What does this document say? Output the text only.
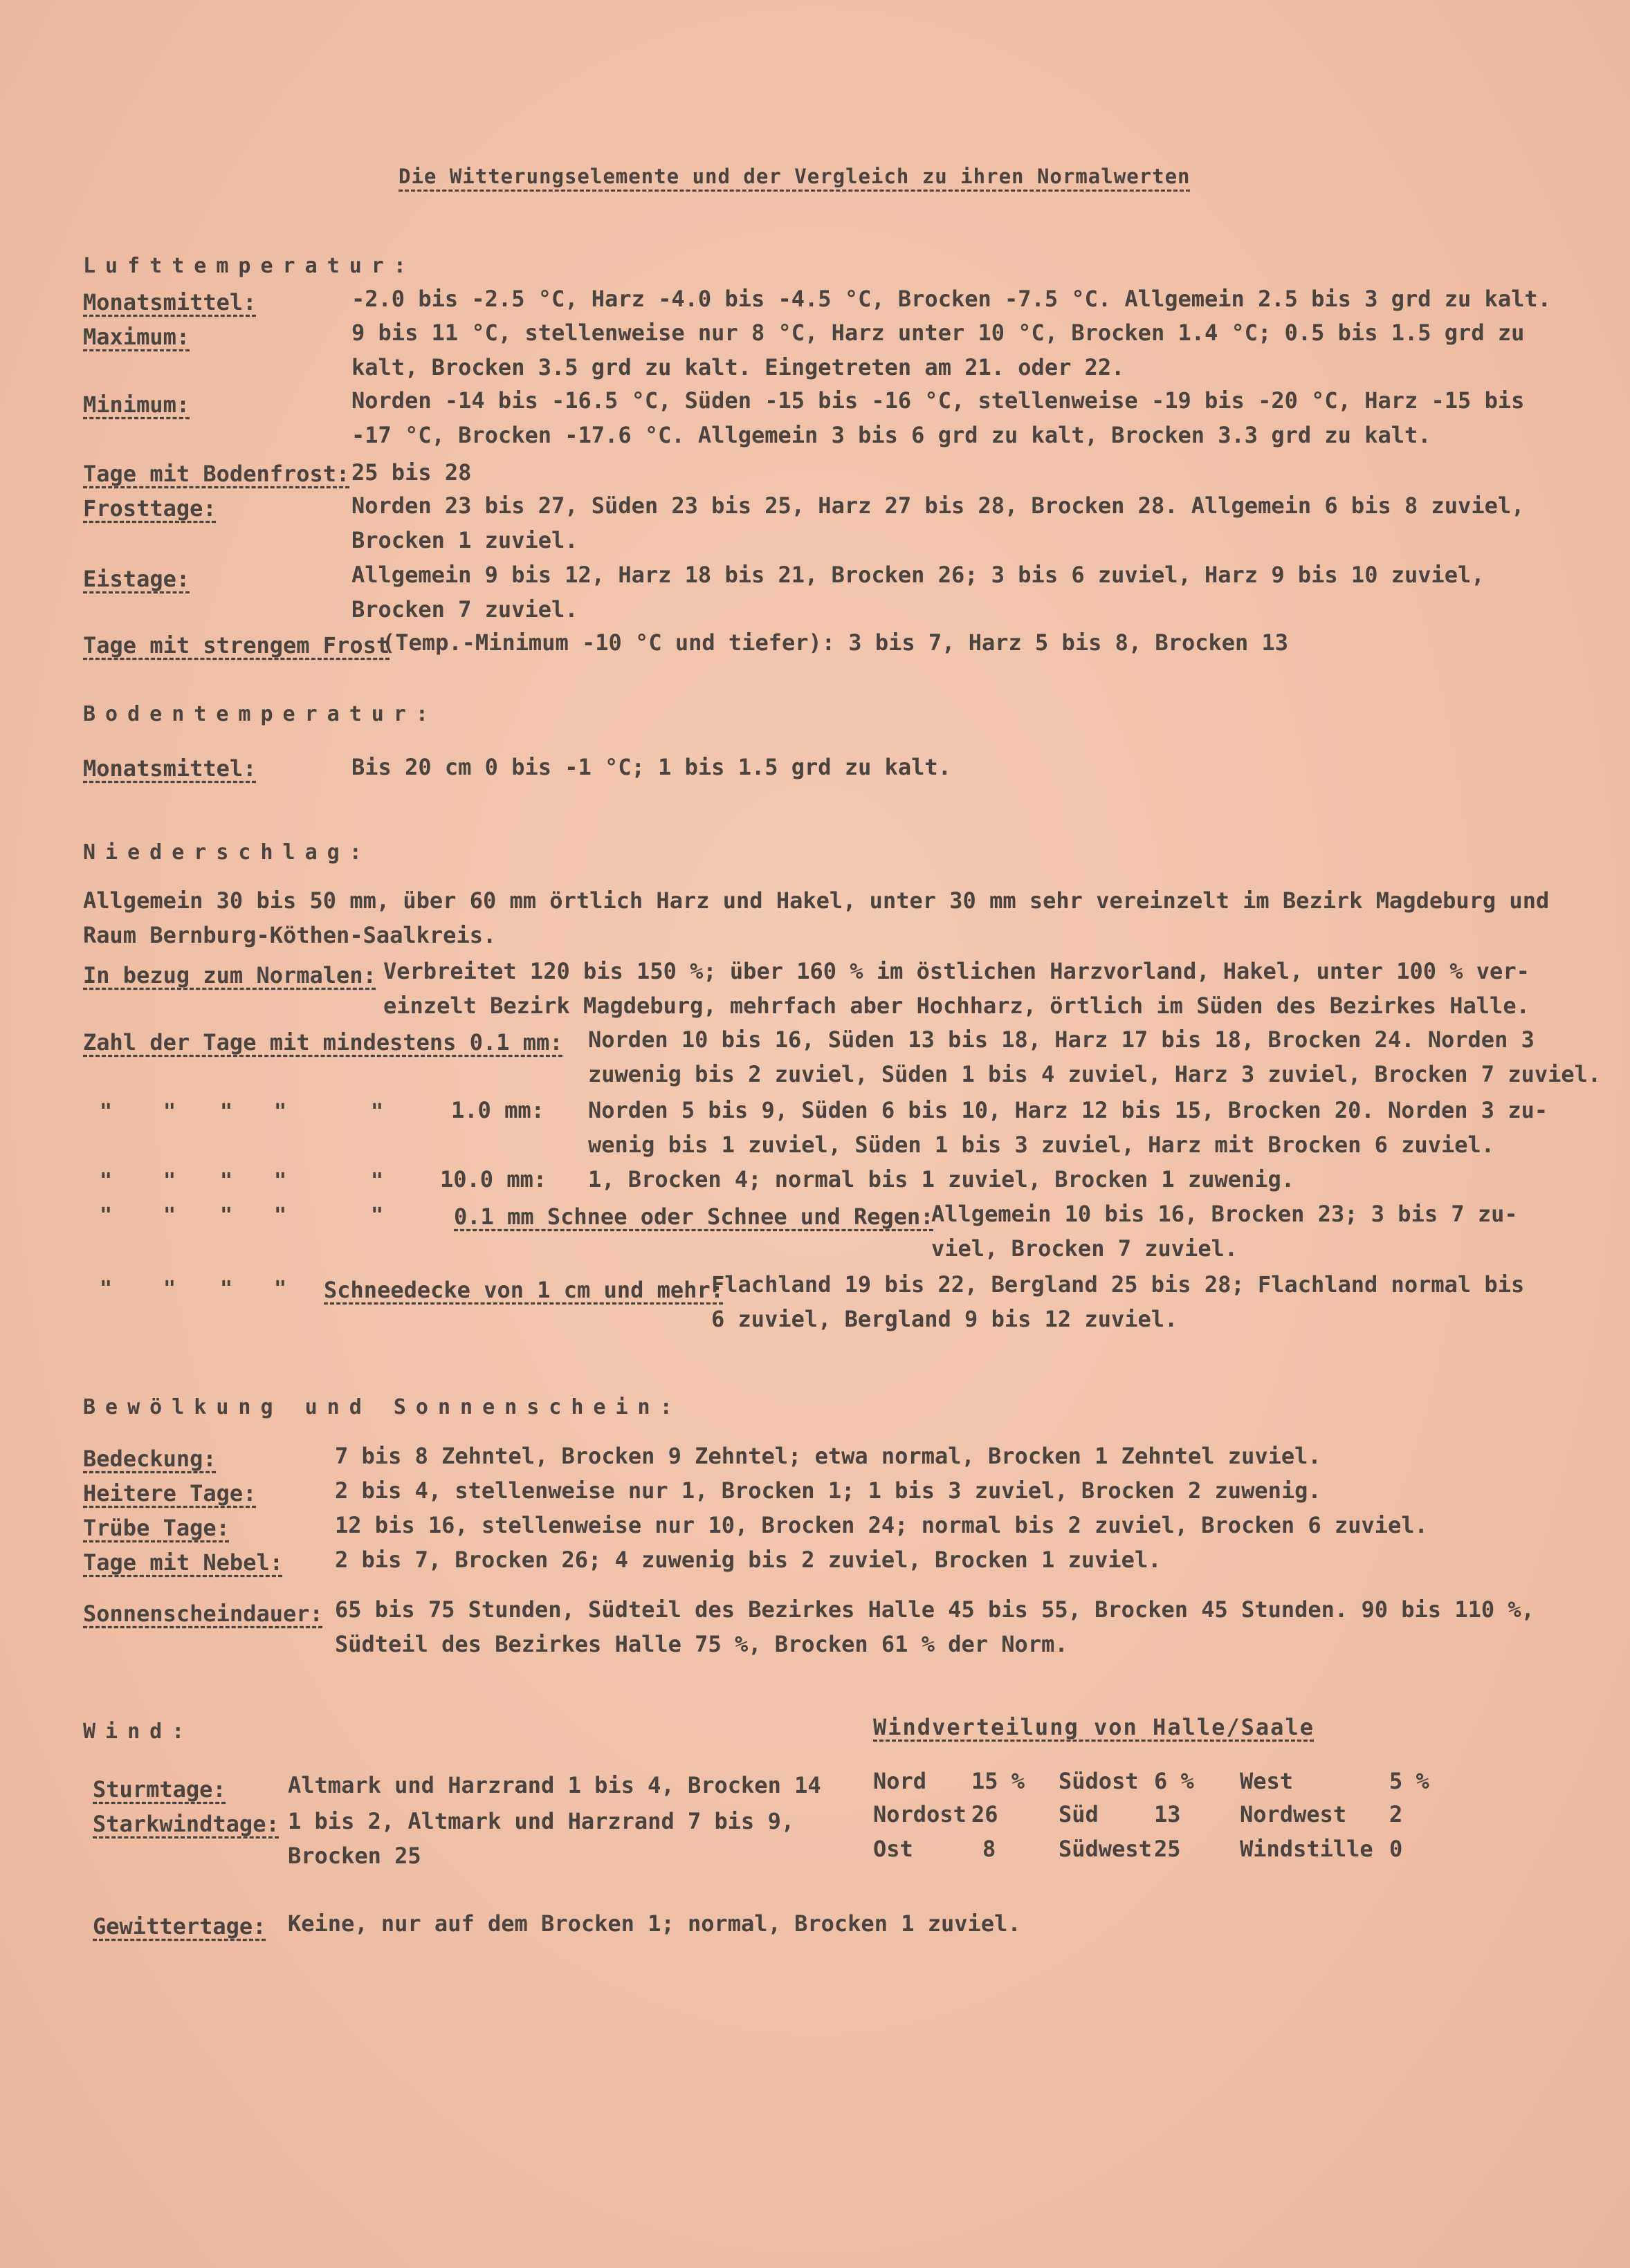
Die Witterungselemente und der Vergleich zu ihren Normalwerten
Lufttemperatur:
Monatsmittel:	-2.0 bis -2.5 °C, Harz -4.0 bis -4.5 °C, Brocken -7.5 °C. Allgemein 2.5 bis 3 grd zu kalt.
Maximum:	9 bis 11 °C, stellenweise nur 8 °C, Harz unter 10 °C, Brocken 1.4 °C; 0.5 bis 1.5 grd zu
kalt, Brocken 3.5 grd zu kalt. Eingetreten am 21. oder 22.
Minimum:	Norden -14 bis -16.5 °C, Süden -15 bis -16 °C, stellenweise -19 bis -20 °C, Harz -15 bis
-17 °C, Brocken -17.6 °C. Allgemein 3 bis 6 grd zu kalt, Brocken 3.3 grd zu kalt.
Tage mit Bodenfrost: 25 bis 28
Frosttage:	Norden 23 bis 27, Süden 23 bis 25, Harz 27 bis 28, Brocken 28. Allgemein 6 bis 8 zuviel,
Brocken 1 zuviel.
Eistage:	Allgemein 9 bis 12, Harz 18 bis 21, Brocken 26; 3 bis 6 zuviel, Harz 9 bis 10 zuviel,
Brocken 7 zuviel.
Tage mit strengem Frost
(Temp.-Minimum -10 °C und tiefer): 3 bis 7, Harz 5 bis 8, Brocken 13
Bodentemperatur:
Monatsmittel:	Bis 20 cm 0 bis -1 °C; 1 bis 1.5 grd zu kalt.
Niederschlag:
Allgemein 30 bis 50 mm, über 60 mm örtlich Harz und Hakel, unter 30 mm sehr vereinzelt im Bezirk Magdeburg und
Raum Bernburg-Köthen-Saalkreis.
In bezug zum Normalen: Verbreitet 120 bis 150 %; über 160 % im östlichen Harzvorland, Hakel, unter 100 % ver-
einzelt Bezirk Magdeburg, mehrfach aber Hochharz, örtlich im Süden des Bezirkes Halle.
Zahl der Tage mit mindestens 0.1 mm: Norden 10 bis 16, Süden 13 bis 18, Harz 17 bis 18, Brocken 24. Norden 3
zuwenig bis 2 zuviel, Süden 1 bis 4 zuviel, Harz 3 zuviel, Brocken 7 zuviel.
" " " "	"	1.0 mm: Norden 5 bis 9, Süden 6 bis 10, Harz 12 bis 15, Brocken 20. Norden 3 zu-
wenig bis 1 zuviel, Süden 1 bis 3 zuviel, Harz mit Brocken 6 zuviel.
" " " "	"	10.0 mm: 1, Brocken 4; normal bis 1 zuviel, Brocken 1 zuwenig.
" " " "	"	0.1 mm Schnee oder Schnee und Regen:
Allgemein 10 bis 16, Brocken 23; 3 bis 7 zu-
viel, Brocken 7 zuviel.
" " " " Schneedecke von 1 cm und mehr:
Flachland 19 bis 22, Bergland 25 bis 28; Flachland normal bis
6 zuviel, Bergland 9 bis 12 zuviel.
Bewölkung und Sonnenschein:
Bedeckung:	7 bis 8 Zehntel, Brocken 9 Zehntel; etwa normal, Brocken 1 Zehntel zuviel.
Heitere Tage:	2 bis 4, stellenweise nur 1, Brocken 1; 1 bis 3 zuviel, Brocken 2 zuwenig.
Trübe Tage:	12 bis 16, stellenweise nur 10, Brocken 24; normal bis 2 zuviel, Brocken 6 zuviel.
Tage mit Nebel: 2 bis 7, Brocken 26; 4 zuwenig bis 2 zuviel, Brocken 1 zuviel.
Sonnenscheindauer: 65 bis 75 Stunden, Südteil des Bezirkes Halle 45 bis 55, Brocken 45 Stunden. 90 bis 110 %,
Südteil des Bezirkes Halle 75 %, Brocken 61 % der Norm.
Wind:
Sturmtage:	Altmark und Harzrand 1 bis 4, Brocken 14
Starkwindtage: 1 bis 2, Altmark und Harzrand 7 bis 9,
Brocken 25
Windverteilung von Halle/Saale
Nord 15 % Südost 6 % West	5 %
Nordost 26	Süd	13	Nordwest 2
Ost	8	Südwest 25	Windstille 0
Gewittertage: Keine, nur auf dem Brocken 1; normal, Brocken 1 zuviel.
